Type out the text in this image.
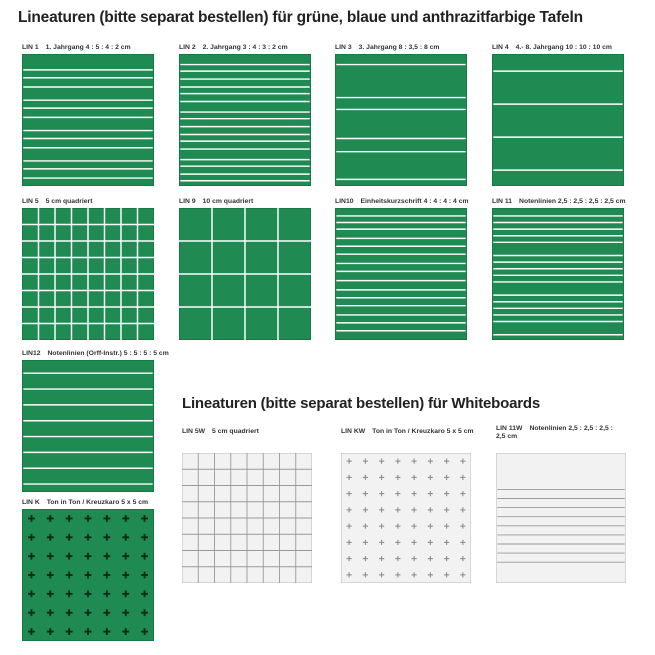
Lineaturen (bitte separat bestellen) für grüne, blaue und anthrazitfarbige Tafeln
Lineaturen (bitte separat bestellen) für Whiteboards
LIN 1 1. Jahrgang 4 : 5 : 4 : 2 cm	LIN 2 2. Jahrgang 3 : 4 : 3 : 2 cm	LIN 3 3. Jahrgang 8 : 3,5 : 8 cm	LIN 4 4.- 8. Jahrgang 10 : 10 : 10 cm
LIN 5 5 cm quadriert	LIN 9 10 cm quadriert	LIN10 Einheitskurzschrift 4 : 4 : 4 : 4 cm	LIN 11 Notenlinien 2,5 : 2,5 : 2,5 : 2,5 cm
LIN12 Notenlinien (Orff-Instr.) 5 : 5 : 5 : 5 cm
LIN K Ton in Ton / Kreuzkaro 5 x 5 cm
LIN 5W 5 cm quadriert	LIN KW Ton in Ton / Kreuzkaro 5 x 5 cm	LIN 11W Notenlinien 2,5 : 2,5 : 2,5 : 2,5 cm
